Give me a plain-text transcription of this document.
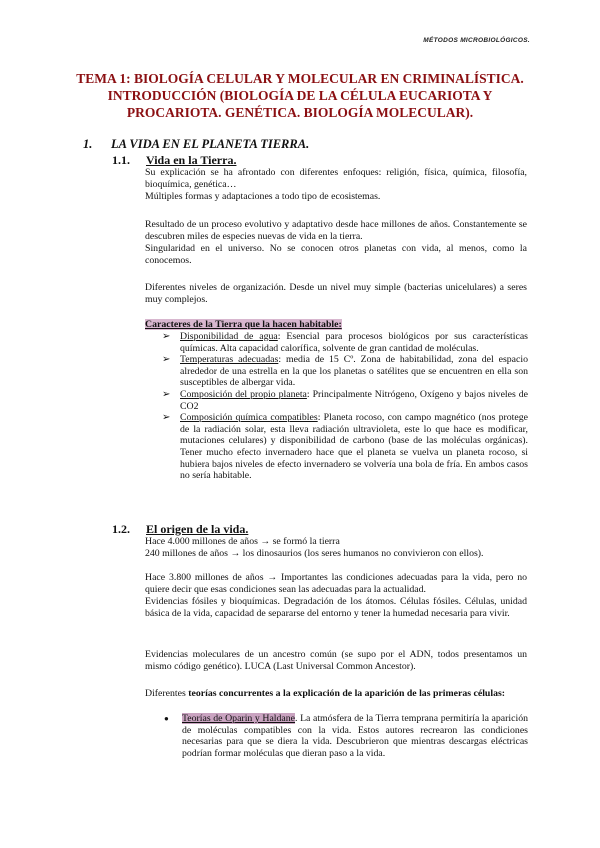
MÉTODOS MICROBIOLÓGICOS.
TEMA 1: BIOLOGÍA CELULAR Y MOLECULAR EN CRIMINALÍSTICA. INTRODUCCIÓN (BIOLOGÍA DE LA CÉLULA EUCARIOTA Y PROCARIOTA. GENÉTICA. BIOLOGÍA MOLECULAR).
1. LA VIDA EN EL PLANETA TIERRA.
1.1. Vida en la Tierra.

Su explicación se ha afrontado con diferentes enfoques: religión, física, química, filosofía, bioquímica, genética…

Múltiples formas y adaptaciones a todo tipo de ecosistemas.

Resultado de un proceso evolutivo y adaptativo desde hace millones de años. Constantemente se descubren miles de especies nuevas de vida en la tierra.

Singularidad en el universo. No se conocen otros planetas con vida, al menos, como la conocemos.

Diferentes niveles de organización. Desde un nivel muy simple (bacterias unicelulares) a seres muy complejos.

Caracteres de la Tierra que la hacen habitable:

➢ Disponibilidad de agua: Esencial para procesos biológicos por sus características químicas. Alta capacidad calorífica, solvente de gran cantidad de moléculas.
➢ Temperaturas adecuadas: media de 15 Cº. Zona de habitabilidad, zona del espacio alrededor de una estrella en la que los planetas o satélites que se encuentren en ella son susceptibles de albergar vida.
➢ Composición del propio planeta: Principalmente Nitrógeno, Oxígeno y bajos niveles de CO2
➢ Composición química compatibles: Planeta rocoso, con campo magnético (nos protege de la radiación solar, esta lleva radiación ultravioleta, este lo que hace es modificar, mutaciones celulares) y disponibilidad de carbono (base de las moléculas orgánicas). Tener mucho efecto invernadero hace que el planeta se vuelva un planeta rocoso, si hubiera bajos niveles de efecto invernadero se volvería una bola de fría. En ambos casos no sería habitable.
1.2. El origen de la vida.

Hace 4.000 millones de años → se formó la tierra

240 millones de años → los dinosaurios (los seres humanos no convivieron con ellos).

Hace 3.800 millones de años → Importantes las condiciones adecuadas para la vida, pero no quiere decir que esas condiciones sean las adecuadas para la actualidad.

Evidencias fósiles y bioquímicas. Degradación de los átomos. Células fósiles. Células, unidad básica de la vida, capacidad de separarse del entorno y tener la humedad necesaria para vivir.

Evidencias moleculares de un ancestro común (se supo por el ADN, todos presentamos un mismo código genético). LUCA (Last Universal Common Ancestor).

Diferentes teorías concurrentes a la explicación de la aparición de las primeras células:

● Teorías de Oparin y Haldane. La atmósfera de la Tierra temprana permitiría la aparición de moléculas compatibles con la vida. Estos autores recrearon las condiciones necesarias para que se diera la vida. Descubrieron que mientras descargas eléctricas podrían formar moléculas que dieran paso a la vida.
